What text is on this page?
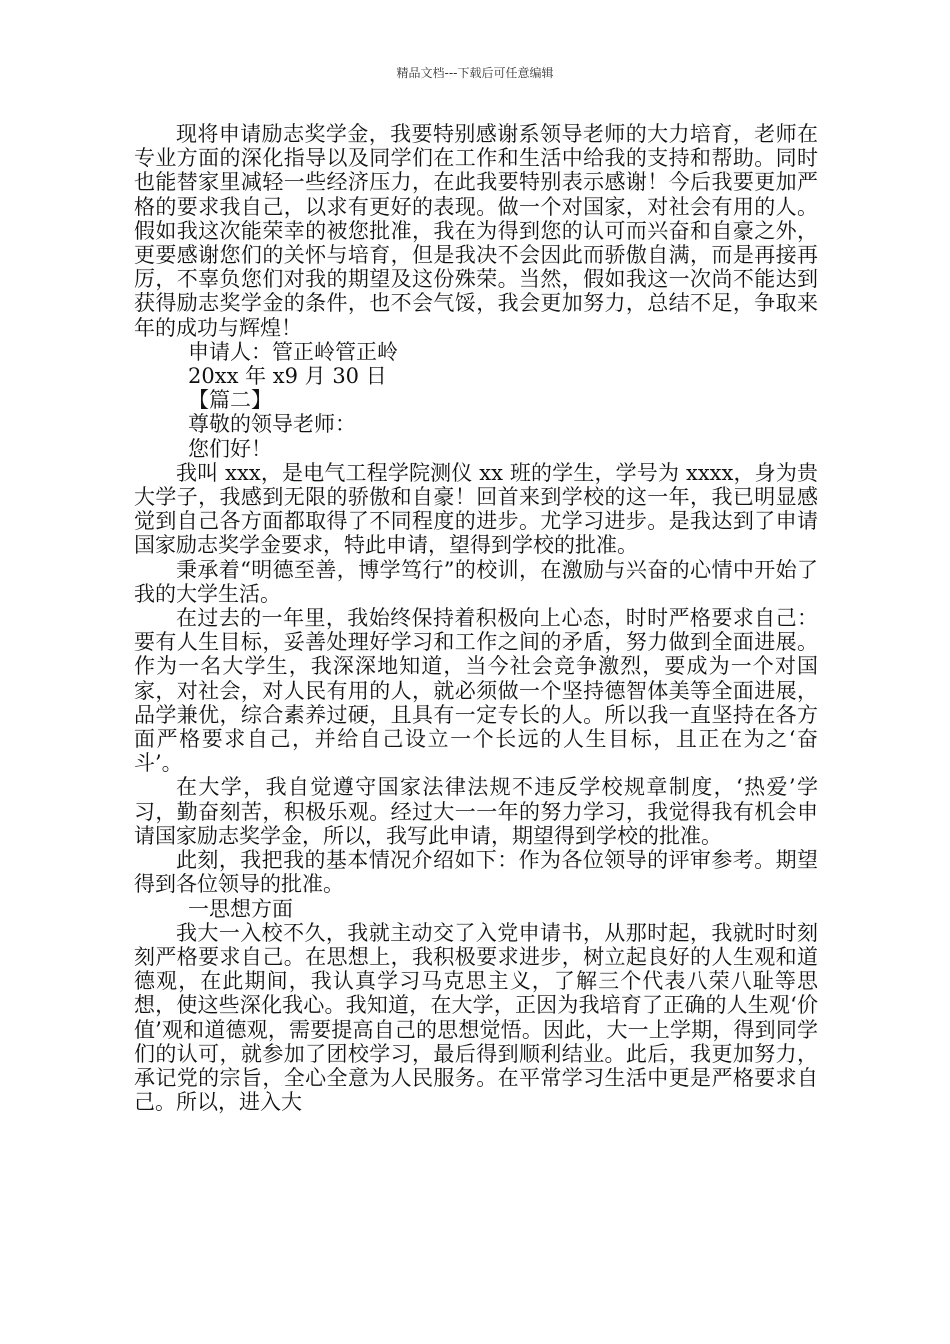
精品文档---下载后可任意编辑

现将申请励志奖学金，我要特别感谢系领导老师的大力培育，老师在专业方面的深化指导以及同学们在工作和生活中给我的支持和帮助。同时也能替家里减轻一些经济压力，在此我要特别表示感谢！今后我要更加严格的要求我自己，以求有更好的表现。做一个对国家，对社会有用的人。假如我这次能荣幸的被您批准，我在为得到您的认可而兴奋和自豪之外，更要感谢您们的关怀与培育，但是我决不会因此而骄傲自满，而是再接再厉，不辜负您们对我的期望及这份殊荣。当然，假如我这一次尚不能达到获得励志奖学金的条件，也不会气馁，我会更加努力，总结不足，争取来年的成功与辉煌！

申请人：管正岭管正岭

20xx 年 x9 月 30 日

【篇二】

尊敬的领导老师：

您们好！

我叫 xxx，是电气工程学院测仪 xx 班的学生，学号为 xxxx，身为贵大学子，我感到无限的骄傲和自豪！回首来到学校的这一年，我已明显感觉到自己各方面都取得了不同程度的进步。尤学习进步。是我达到了申请国家励志奖学金要求，特此申请，望得到学校的批准。

秉承着“明德至善，博学笃行”的校训，在激励与兴奋的心情中开始了我的大学生活。

在过去的一年里，我始终保持着积极向上心态，时时严格要求自己：要有人生目标，妥善处理好学习和工作之间的矛盾，努力做到全面进展。作为一名大学生，我深深地知道，当今社会竞争激烈，要成为一个对国家，对社会，对人民有用的人，就必须做一个坚持德智体美等全面进展，品学兼优，综合素养过硬，且具有一定专长的人。所以我一直坚持在各方面严格要求自己，并给自己设立一个长远的人生目标，且正在为之‘奋斗’。

在大学，我自觉遵守国家法律法规不违反学校规章制度，‘热爱’学习，勤奋刻苦，积极乐观。经过大一一年的努力学习，我觉得我有机会申请国家励志奖学金，所以，我写此申请，期望得到学校的批准。

此刻，我把我的基本情况介绍如下：作为各位领导的评审参考。期望得到各位领导的批准。

一思想方面

我大一入校不久，我就主动交了入党申请书，从那时起，我就时时刻刻严格要求自己。在思想上，我积极要求进步，树立起良好的人生观和道德观，在此期间，我认真学习马克思主义，了解三个代表八荣八耻等思想，使这些深化我心。我知道，在大学，正因为我培育了正确的人生观‘价值’观和道德观，需要提高自己的思想觉悟。因此，大一上学期，得到同学们的认可，就参加了团校学习，最后得到顺利结业。此后，我更加努力，承记党的宗旨，全心全意为人民服务。在平常学习生活中更是严格要求自己。所以，进入大
